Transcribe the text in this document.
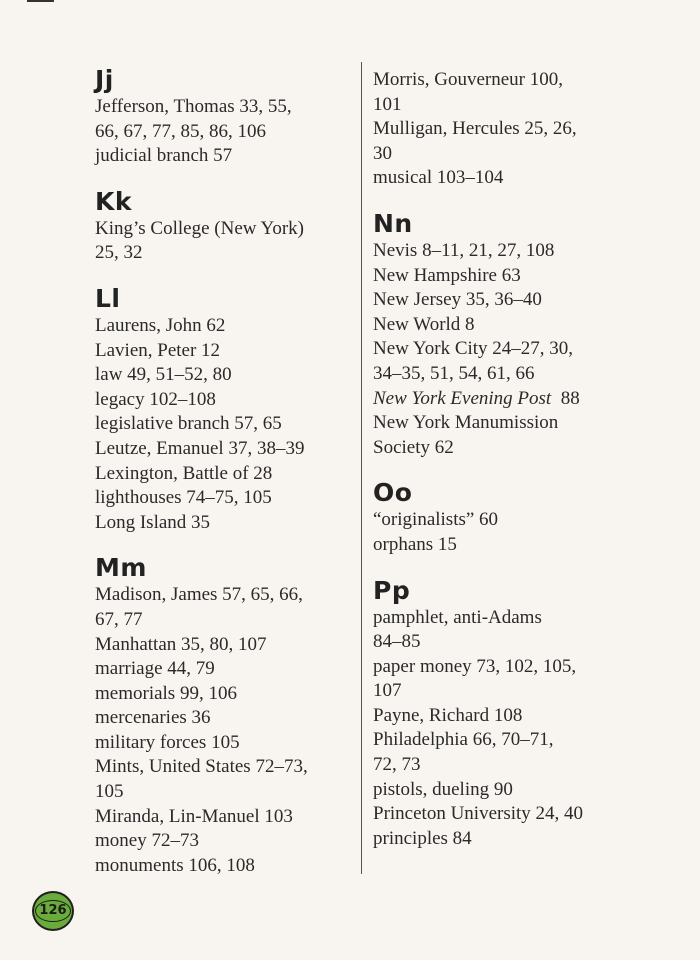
Jj
Jefferson, Thomas 33, 55,
66, 67, 77, 85, 86, 106
judicial branch 57
Kk
King’s College (New York)
25, 32
Ll
Laurens, John 62
Lavien, Peter 12
law 49, 51–52, 80
legacy 102–108
legislative branch 57, 65
Leutze, Emanuel 37, 38–39
Lexington, Battle of 28
lighthouses 74–75, 105
Long Island 35
Mm
Madison, James 57, 65, 66,
67, 77
Manhattan 35, 80, 107
marriage 44, 79
memorials 99, 106
mercenaries 36
military forces 105
Mints, United States 72–73,
105
Miranda, Lin-Manuel 103
money 72–73
monuments 106, 108
Morris, Gouverneur 100,
101
Mulligan, Hercules 25, 26,
30
musical 103–104
Nn
Nevis 8–11, 21, 27, 108
New Hampshire 63
New Jersey 35, 36–40
New World 8
New York City 24–27, 30,
34–35, 51, 54, 61, 66
New York Evening Post  88
New York Manumission
Society 62
Oo
“originalists” 60
orphans 15
Pp
pamphlet, anti-Adams
84–85
paper money 73, 102, 105,
107
Payne, Richard 108
Philadelphia 66, 70–71,
72, 73
pistols, dueling 90
Princeton University 24, 40
principles 84
126
